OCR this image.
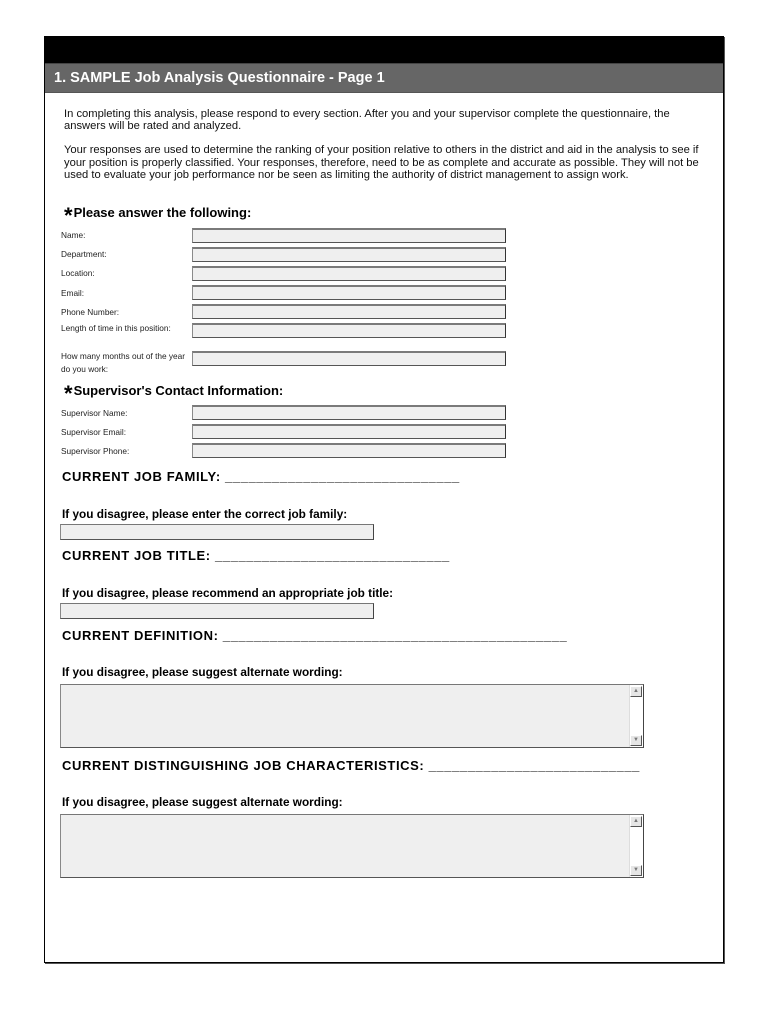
1. SAMPLE Job Analysis Questionnaire - Page 1

In completing this analysis, please respond to every section. After you and your supervisor complete the questionnaire, the answers will be rated and analyzed.

Your responses are used to determine the ranking of your position relative to others in the district and aid in the analysis to see if your position is properly classified. Your responses, therefore, need to be as complete and accurate as possible. They will not be used to evaluate your job performance nor be seen as limiting the authority of district management to assign work.

*Please answer the following:
Name:
Department:
Location:
Email:
Phone Number:
Length of time in this position:
How many months out of the year do you work:
*Supervisor's Contact Information:
Supervisor Name:
Supervisor Email:
Supervisor Phone:
CURRENT JOB FAMILY: ______________________________
If you disagree, please enter the correct job family:
CURRENT JOB TITLE: ______________________________
If you disagree, please recommend an appropriate job title:
CURRENT DEFINITION: ____________________________________________
If you disagree, please suggest alternate wording:
▲
▼
CURRENT DISTINGUISHING JOB CHARACTERISTICS: ___________________________
If you disagree, please suggest alternate wording:
▲
▼
